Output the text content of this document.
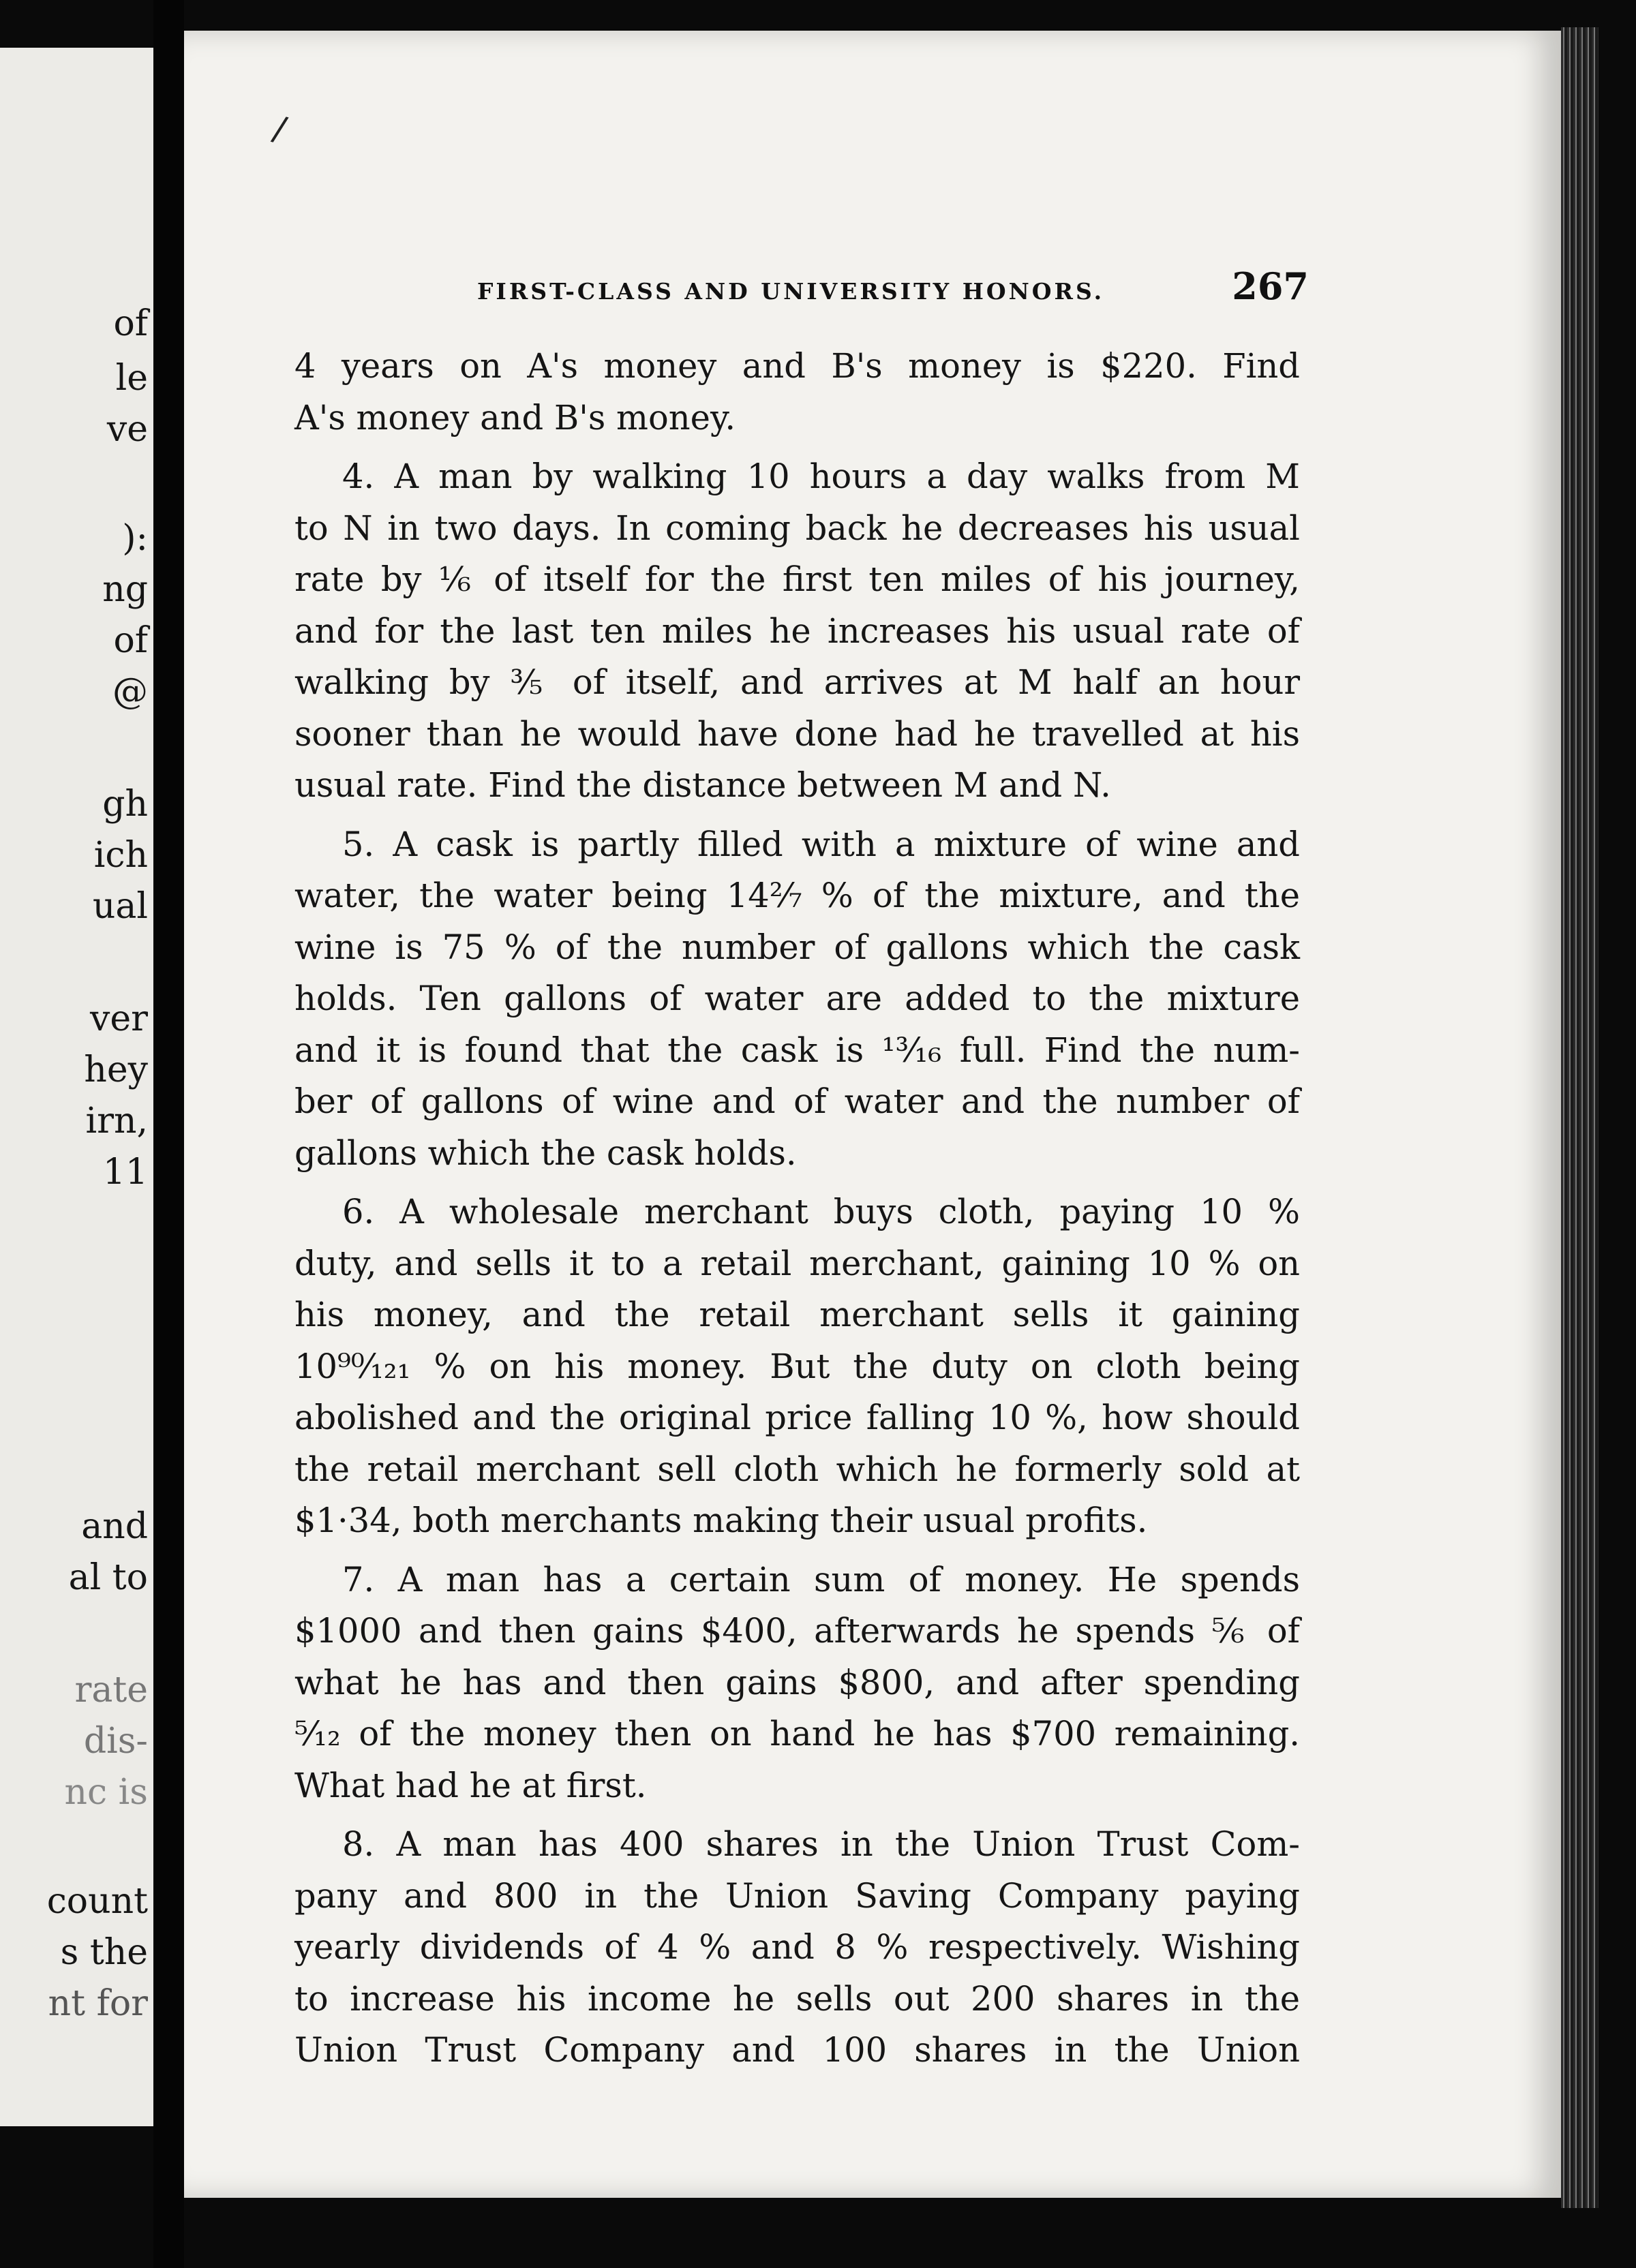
of
le
ve
):
ng
of
@
gh
ich
ual
ver
hey
irn,
11
and
al to
rate
dis-
nc is
count
s the
nt for
/
FIRST-CLASS AND UNIVERSITY HONORS.	267
4 years on A's money and B's money is $220. Find
A's money and B's money.
4. A man by walking 10 hours a day walks from M
to N in two days. In coming back he decreases his usual
rate by ⅙ of itself for the first ten miles of his journey,
and for the last ten miles he increases his usual rate of
walking by ⅗ of itself, and arrives at M half an hour
sooner than he would have done had he travelled at his
usual rate. Find the distance between M and N.
5. A cask is partly filled with a mixture of wine and
water, the water being 14²⁄₇ % of the mixture, and the
wine is 75 % of the number of gallons which the cask
holds. Ten gallons of water are added to the mixture
and it is found that the cask is ¹³⁄₁₆ full. Find the num-
ber of gallons of wine and of water and the number of
gallons which the cask holds.
6. A wholesale merchant buys cloth, paying 10 %
duty, and sells it to a retail merchant, gaining 10 % on
his money, and the retail merchant sells it gaining
10⁹⁰⁄₁₂₁ % on his money. But the duty on cloth being
abolished and the original price falling 10 %, how should
the retail merchant sell cloth which he formerly sold at
$1·34, both merchants making their usual profits.
7. A man has a certain sum of money. He spends
$1000 and then gains $400, afterwards he spends ⅚ of
what he has and then gains $800, and after spending
⁵⁄₁₂ of the money then on hand he has $700 remaining.
What had he at first.
8. A man has 400 shares in the Union Trust Com-
pany and 800 in the Union Saving Company paying
yearly dividends of 4 % and 8 % respectively. Wishing
to increase his income he sells out 200 shares in the
Union Trust Company and 100 shares in the Union
